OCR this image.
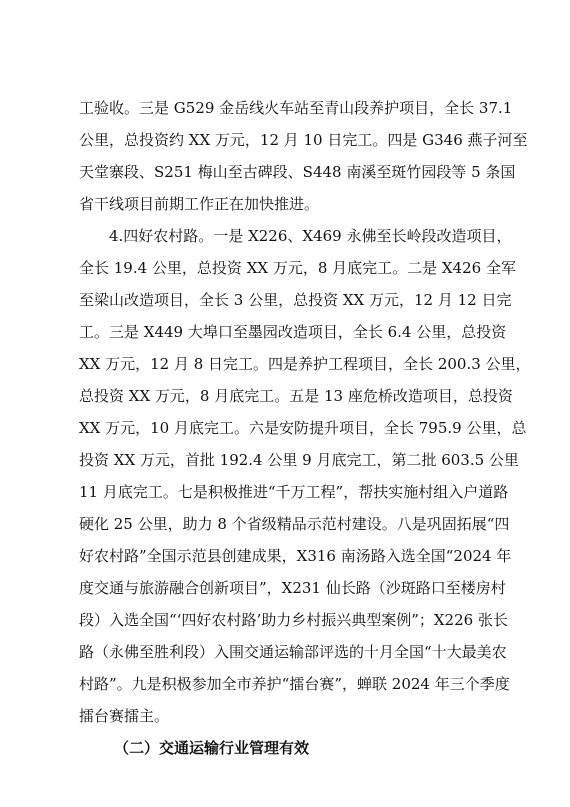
工验收。三是 G529 金岳线火车站至青山段养护项目，全长 37.1
公里，总投资约 XX 万元，12 月 10 日完工。四是 G346 燕子河至
天堂寨段、S251 梅山至古碑段、S448 南溪至斑竹园段等 5 条国
省干线项目前期工作正在加快推进。
4.四好农村路。一是 X226、X469 永佛至长岭段改造项目，
全长 19.4 公里，总投资 XX 万元，8 月底完工。二是 X426 全军
至梁山改造项目，全长 3 公里，总投资 XX 万元，12 月 12 日完
工。三是 X449 大埠口至墨园改造项目，全长 6.4 公里，总投资
XX 万元，12 月 8 日完工。四是养护工程项目，全长 200.3 公里，
总投资 XX 万元，8 月底完工。五是 13 座危桥改造项目，总投资
XX 万元，10 月底完工。六是安防提升项目，全长 795.9 公里，总
投资 XX 万元，首批 192.4 公里 9 月底完工，第二批 603.5 公里
11 月底完工。七是积极推进“千万工程”，帮扶实施村组入户道路
硬化 25 公里，助力 8 个省级精品示范村建设。八是巩固拓展“四
好农村路”全国示范县创建成果，X316 南汤路入选全国“2024 年
度交通与旅游融合创新项目”，X231 仙长路（沙斑路口至楼房村
段）入选全国“‘四好农村路’助力乡村振兴典型案例”；X226 张长
路（永佛至胜利段）入围交通运输部评选的十月全国“十大最美农
村路”。九是积极参加全市养护“擂台赛”，蝉联 2024 年三个季度
擂台赛擂主。
（二）交通运输行业管理有效
